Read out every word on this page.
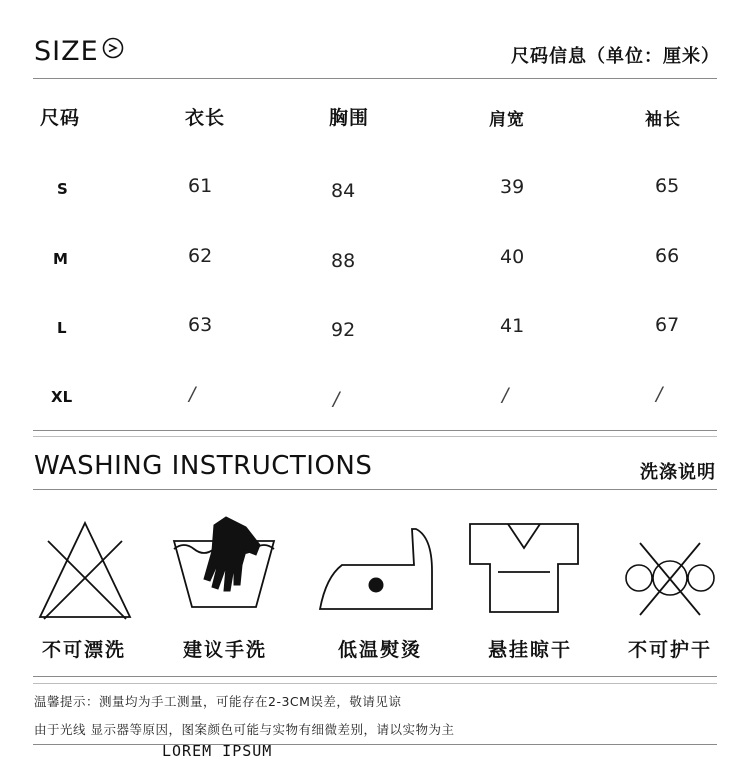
SIZE	尺码信息（单位：厘米）
尺码	衣长	胸围	肩宽	袖长
S	61	84	39	65
M	62	88	40	66
L	63	92	41	67
XL	/	/	/	/
WASHING INSTRUCTIONS	洗涤说明
不可漂洗	建议手洗	低温熨烫	悬挂晾干	不可护干
温馨提示：测量均为手工测量，可能存在2-3CM误差，敬请见谅
由于光线 显示器等原因，图案颜色可能与实物有细微差别，请以实物为主
LOREM IPSUM
